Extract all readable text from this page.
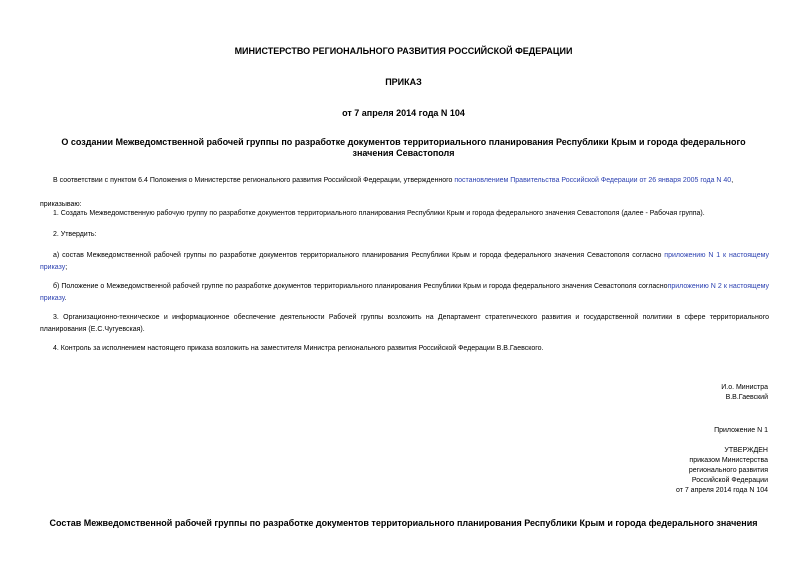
МИНИСТЕРСТВО РЕГИОНАЛЬНОГО РАЗВИТИЯ РОССИЙСКОЙ ФЕДЕРАЦИИ
ПРИКАЗ
от 7 апреля 2014 года N 104
О создании Межведомственной рабочей группы по разработке документов территориального планирования Республики Крым и города федерального значения Севастополя
В соответствии с пунктом 6.4 Положения о Министерстве регионального развития Российской Федерации, утвержденного постановлением Правительства Российской Федерации от 26 января 2005 года N 40,
приказываю:
1. Создать Межведомственную рабочую группу по разработке документов территориального планирования Республики Крым и города федерального значения Севастополя (далее - Рабочая группа).
2. Утвердить:
а) состав Межведомственной рабочей группы по разработке документов территориального планирования Республики Крым и города федерального значения Севастополя согласно приложению N 1 к настоящему приказу;
б) Положение о Межведомственной рабочей группе по разработке документов территориального планирования Республики Крым и города федерального значения Севастополя согласноприложению N 2 к настоящему приказу.
3. Организационно-техническое и информационное обеспечение деятельности Рабочей группы возложить на Департамент стратегического развития и государственной политики в сфере территориального планирования (Е.С.Чугуевская).
4. Контроль за исполнением настоящего приказа возложить на заместителя Министра регионального развития Российской Федерации В.В.Гаевского.
И.о. Министра
В.В.Гаевский
Приложение N 1
УТВЕРЖДЕН
приказом Министерства
регионального развития
Российской Федерации
от 7 апреля 2014 года N 104
Состав Межведомственной рабочей группы по разработке документов территориального планирования Республики Крым и города федерального значения
